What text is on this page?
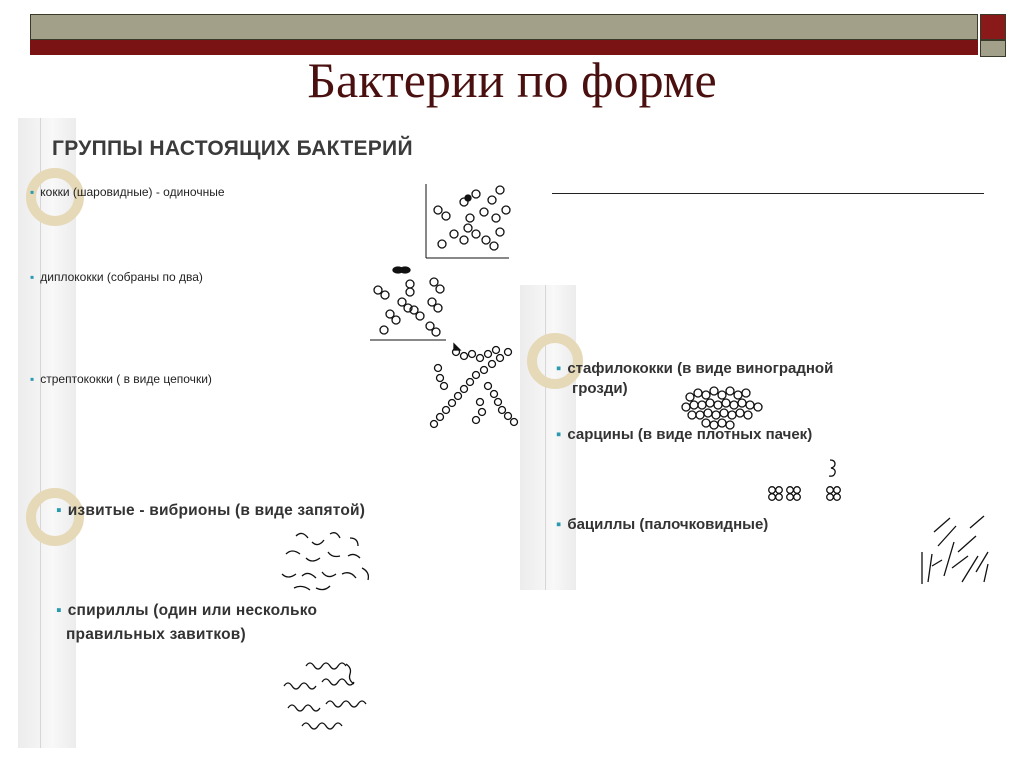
Бактерии по форме
ГРУППЫ НАСТОЯЩИХ БАКТЕРИЙ
▪ кокки (шаровидные) - одиночные
▪ диплококки (собраны по два)
▪ стрептококки ( в виде цепочки)
▪ стафилококки (в виде виноградной
грозди)
▪ сарцины (в виде плотных пачек)
▪ бациллы (палочковидные)
▪ извитые - вибрионы (в виде запятой)
▪ спириллы (один или несколько
правильных завитков)
